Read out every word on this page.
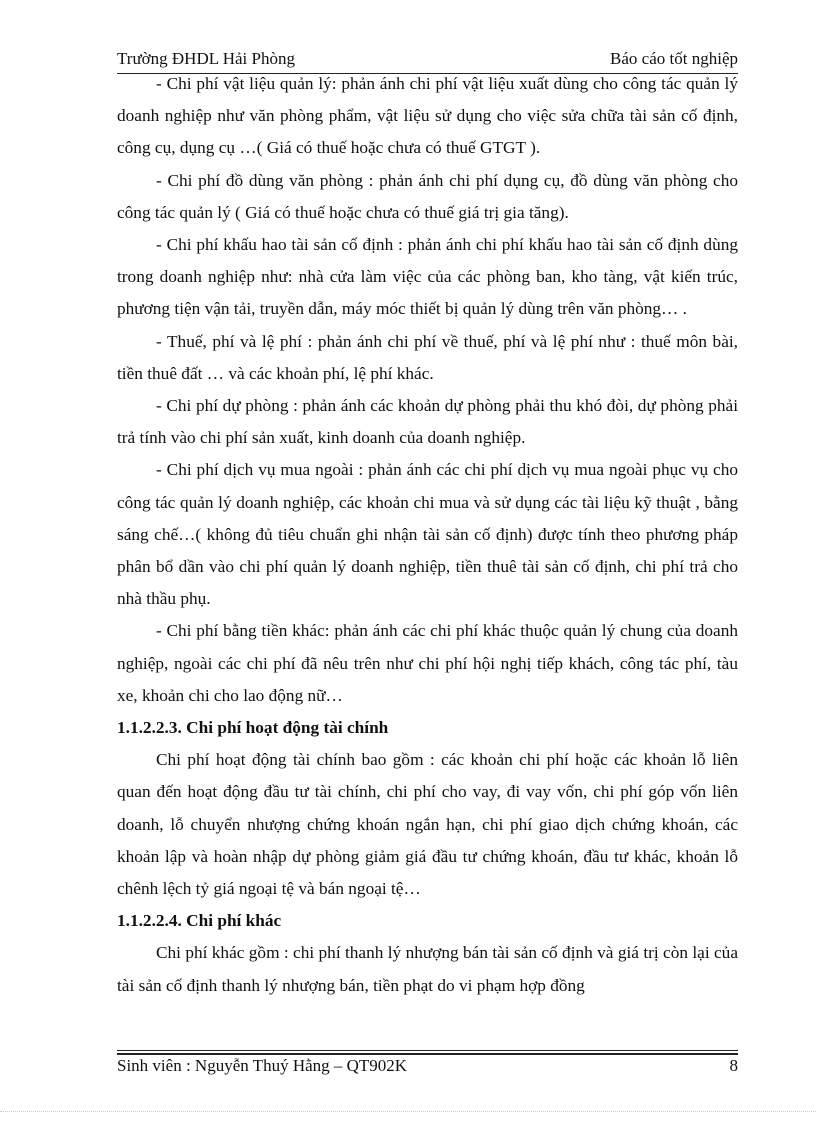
Trường ĐHDL Hải Phòng	Báo cáo tốt nghiệp

- Chi phí vật liệu quản lý: phản ánh chi phí vật liệu xuất dùng cho công tác quản lý doanh nghiệp như văn phòng phẩm, vật liệu sử dụng cho việc sửa chữa tài sản cố định, công cụ, dụng cụ …( Giá có thuế hoặc chưa có thuế GTGT ).

- Chi phí đồ dùng văn phòng : phản ánh chi phí dụng cụ, đồ dùng văn phòng cho công tác quản lý ( Giá có thuế hoặc chưa có thuế giá trị gia tăng).

- Chi phí khấu hao tài sản cố định : phản ánh chi phí khấu hao tài sản cố định dùng trong doanh nghiệp như: nhà cửa làm việc của các phòng ban, kho tàng, vật kiến trúc, phương tiện vận tải, truyền dẫn, máy móc thiết bị quản lý dùng trên văn phòng… .

- Thuế, phí và lệ phí : phản ánh chi phí về thuế, phí và lệ phí như : thuế môn bài, tiền thuê đất … và các khoản phí, lệ phí khác.

- Chi phí dự phòng : phản ánh các khoản dự phòng phải thu khó đòi, dự phòng phải trả tính vào chi phí sản xuất, kinh doanh của doanh nghiệp.

- Chi phí dịch vụ mua ngoài : phản ánh các chi phí dịch vụ mua ngoài phục vụ cho công tác quản lý doanh nghiệp, các khoản chi mua và sử dụng các tài liệu kỹ thuật , bằng sáng chế…( không đủ tiêu chuẩn ghi nhận tài sản cố định) được tính theo phương pháp phân bổ dần vào chi phí quản lý doanh nghiệp, tiền thuê tài sản cố định, chi phí trả cho nhà thầu phụ.

- Chi phí bằng tiền khác: phản ánh các chi phí khác thuộc quản lý chung của doanh nghiệp, ngoài các chi phí đã nêu trên như chi phí hội nghị tiếp khách, công tác phí, tàu xe, khoản chi cho lao động nữ…

1.1.2.2.3. Chi phí hoạt động tài chính

Chi phí hoạt động tài chính bao gồm : các khoản chi phí hoặc các khoản lỗ liên quan đến hoạt động đầu tư tài chính, chi phí cho vay, đi vay vốn, chi phí góp vốn liên doanh, lỗ chuyển nhượng chứng khoán ngắn hạn, chi phí giao dịch chứng khoán, các khoản lập và hoàn nhập dự phòng giảm giá đầu tư chứng khoán, đầu tư khác, khoản lỗ chênh lệch tỷ giá ngoại tệ và bán ngoại tệ…

1.1.2.2.4. Chi phí khác

Chi phí khác gồm : chi phí thanh lý nhượng bán tài sản cố định và giá trị còn lại của tài sản cố định thanh lý nhượng bán, tiền phạt do vi phạm hợp đồng

Sinh viên : Nguyễn Thuý Hằng – QT902K	8
